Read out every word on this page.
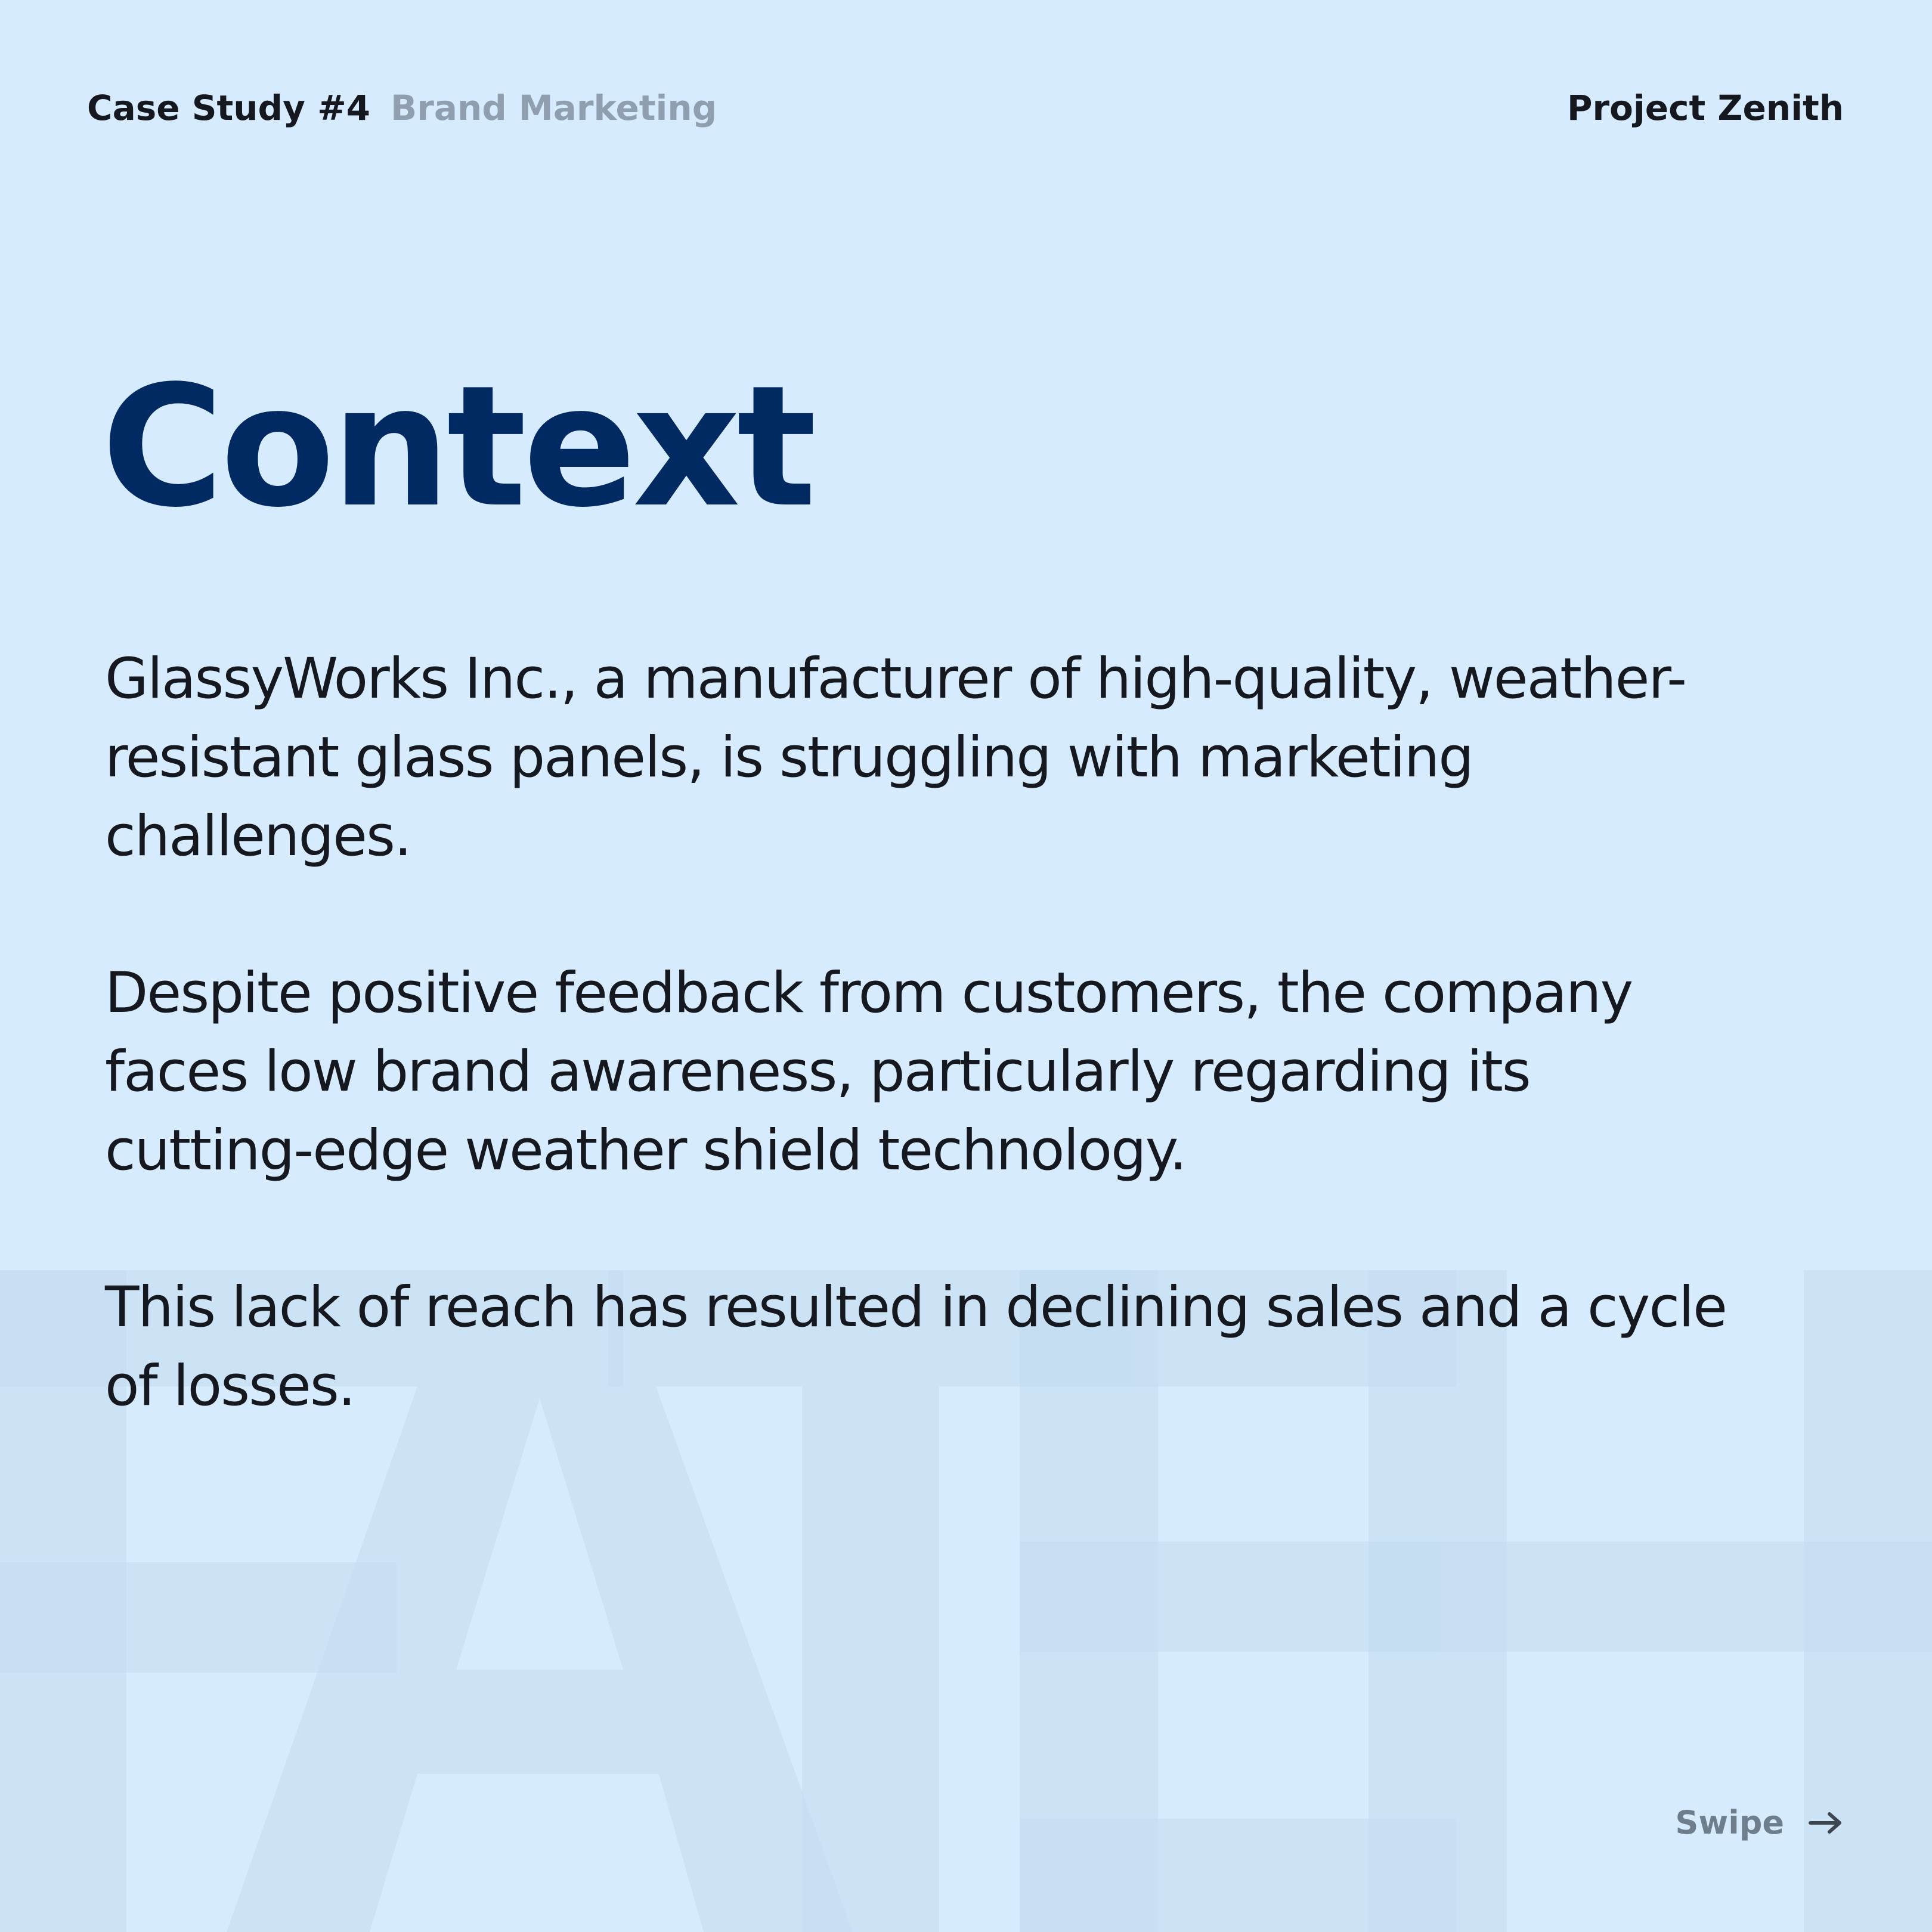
Case Study #4 Brand Marketing	Project Zenith
Context

GlassyWorks Inc., a manufacturer of high-quality, weather-resistant glass panels, is struggling with marketing challenges.

Despite positive feedback from customers, the company faces low brand awareness, particularly regarding its cutting-edge weather shield technology.

This lack of reach has resulted in declining sales and a cycle of losses.

Swipe
